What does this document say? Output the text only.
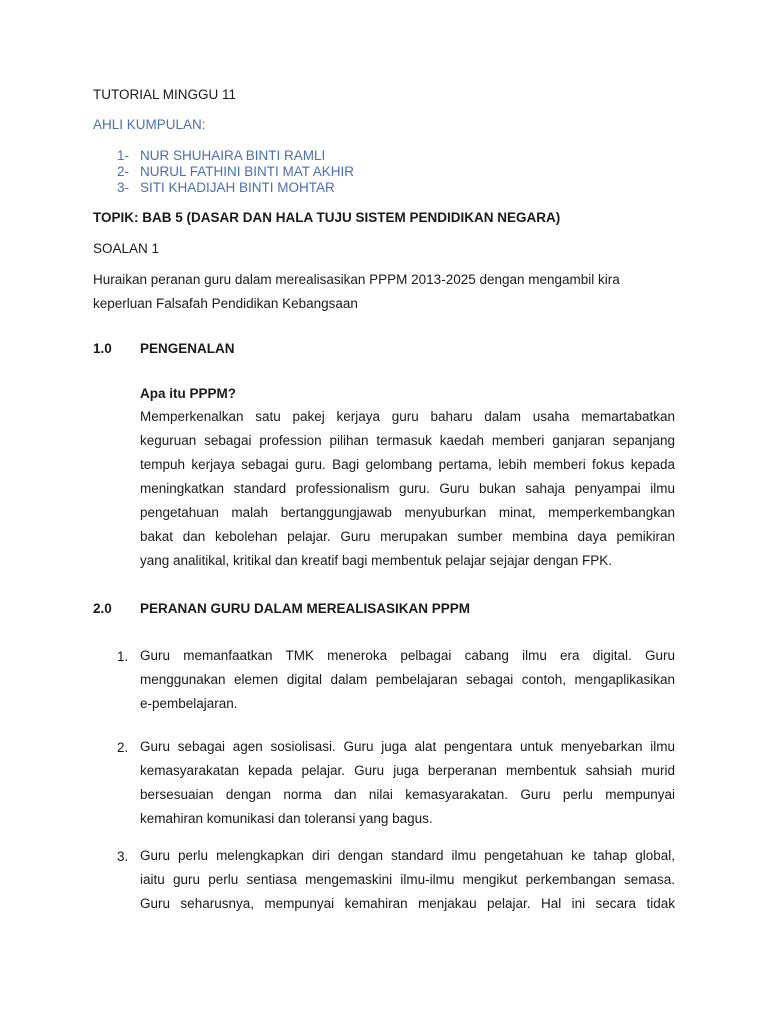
TUTORIAL MINGGU 11
AHLI KUMPULAN:
1- NUR SHUHAIRA BINTI RAMLI
2- NURUL FATHINI BINTI MAT AKHIR
3- SITI KHADIJAH BINTI MOHTAR
TOPIK: BAB 5 (DASAR DAN HALA TUJU SISTEM PENDIDIKAN NEGARA)
SOALAN 1
Huraikan peranan guru dalam merealisasikan PPPM 2013-2025 dengan mengambil kira
keperluan Falsafah Pendidikan Kebangsaan
1.0 PENGENALAN
Apa itu PPPM?
Memperkenalkan satu pakej kerjaya guru baharu dalam usaha memartabatkan
keguruan sebagai profession pilihan termasuk kaedah memberi ganjaran sepanjang
tempuh kerjaya sebagai guru. Bagi gelombang pertama, lebih memberi fokus kepada
meningkatkan standard professionalism guru. Guru bukan sahaja penyampai ilmu
pengetahuan malah bertanggungjawab menyuburkan minat, memperkembangkan
bakat dan kebolehan pelajar. Guru merupakan sumber membina daya pemikiran
yang analitikal, kritikal dan kreatif bagi membentuk pelajar sejajar dengan FPK.
2.0 PERANAN GURU DALAM MEREALISASIKAN PPPM
1. Guru memanfaatkan TMK meneroka pelbagai cabang ilmu era digital. Guru
menggunakan elemen digital dalam pembelajaran sebagai contoh, mengaplikasikan
e-pembelajaran.
2. Guru sebagai agen sosiolisasi. Guru juga alat pengentara untuk menyebarkan ilmu
kemasyarakatan kepada pelajar. Guru juga berperanan membentuk sahsiah murid
bersesuaian dengan norma dan nilai kemasyarakatan. Guru perlu mempunyai
kemahiran komunikasi dan toleransi yang bagus.
3. Guru perlu melengkapkan diri dengan standard ilmu pengetahuan ke tahap global,
iaitu guru perlu sentiasa mengemaskini ilmu-ilmu mengikut perkembangan semasa.
Guru seharusnya, mempunyai kemahiran menjakau pelajar. Hal ini secara tidak
